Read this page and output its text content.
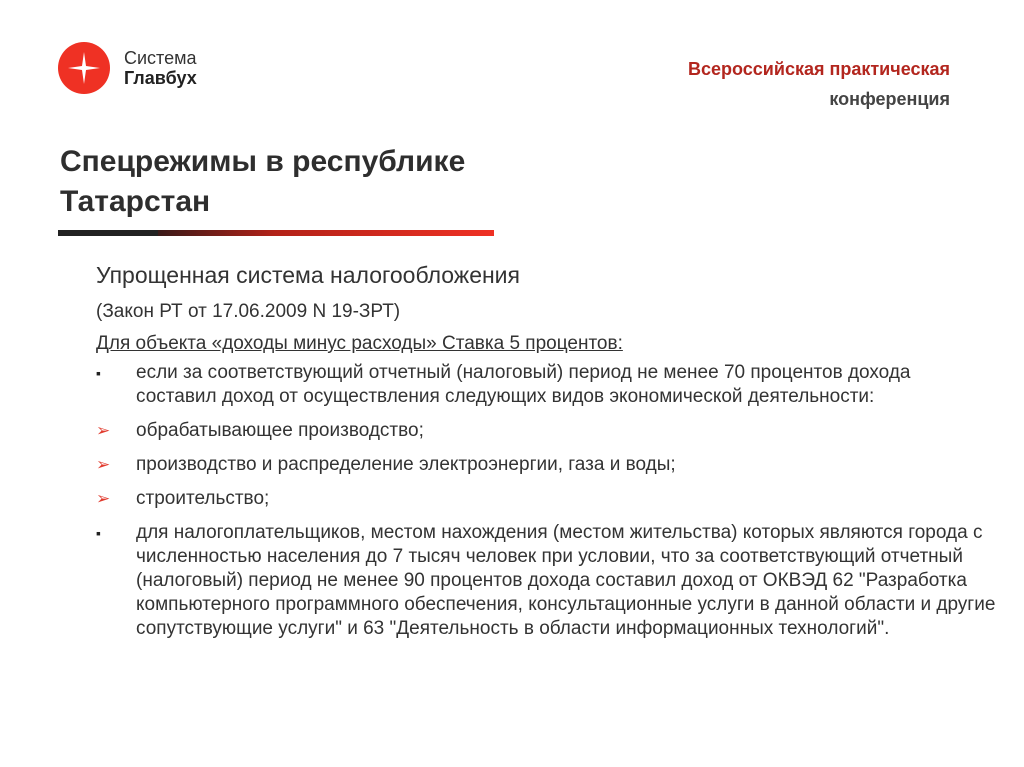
Система
Главбух	Всероссийская практическая
конференция
Спецрежимы в республике
Татарстан
Упрощенная система налогообложения
(Закон РТ от 17.06.2009 N 19-ЗРТ)
Для объекта «доходы минус расходы» Ставка 5 процентов:
▪	если за соответствующий отчетный (налоговый) период не менее 70 процентов дохода составил доход от осуществления следующих видов экономической деятельности:
➢	обрабатывающее производство;
➢	производство и распределение электроэнергии, газа и воды;
➢	строительство;
▪	для налогоплательщиков, местом нахождения (местом жительства) которых являются города с численностью населения до 7 тысяч человек при условии, что за соответствующий отчетный (налоговый) период не менее 90 процентов дохода составил доход от ОКВЭД 62 "Разработка компьютерного программного обеспечения, консультационные услуги в данной области и другие сопутствующие услуги" и 63 "Деятельность в области информационных технологий".
